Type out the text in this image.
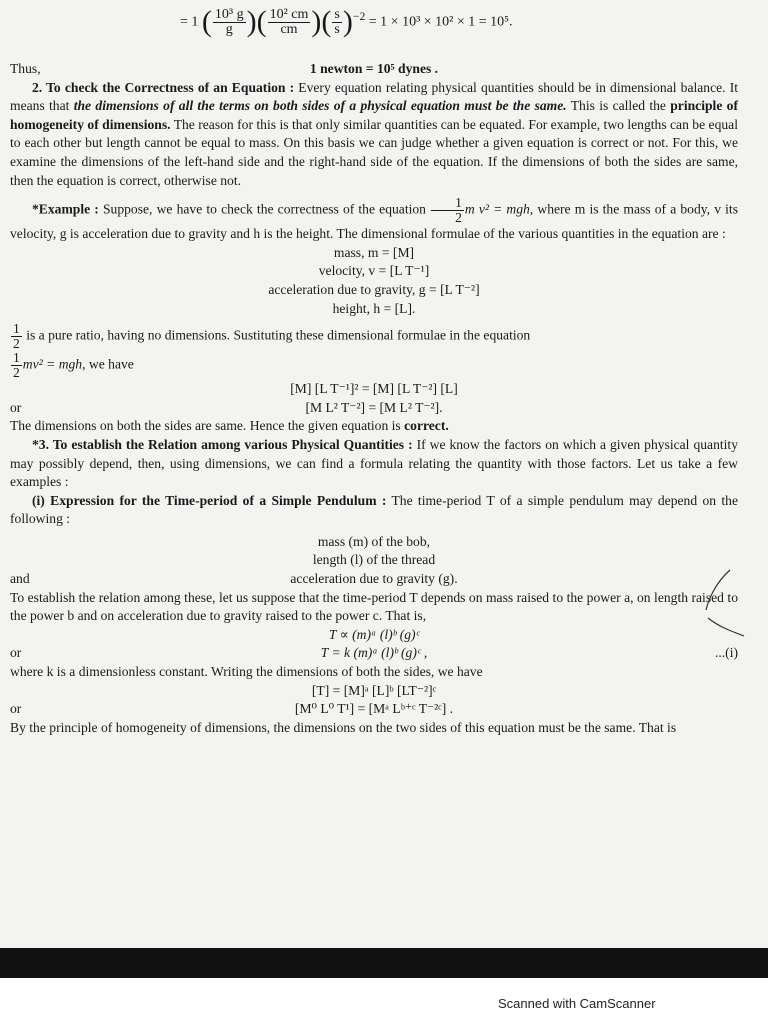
= 1 ( $\frac{\text{10³ g}}{g}$ )( $\frac{\text{10² cm}}{cm}$ )( $\frac{s}{s} )^{-2} = 1 \times 10^3 \times 10^2 \times 1 = 10^5$.
Thus,	1 newton = 10⁵ dynes .

2. To check the Correctness of an Equation : Every equation relating physical quantities should be in dimensional balance. It means that the dimensions of all the terms on both sides of a physical equation must be the same. This is called the principle of homogeneity of dimensions. The reason for this is that only similar quantities can be equated. For example, two lengths can be equal to each other but length cannot be equal to mass. On this basis we can judge whether a given equation is correct or not. For this, we examine the dimensions of the left-hand side and the right-hand side of the equation. If the dimensions of both the sides are same, then the equation is correct, otherwise not.

*Example : Suppose, we have to check the correctness of the equation $\frac{1}{2}$ m v² = mgh, where m is the mass of a body, v its velocity, g is acceleration due to gravity and h is the height. The dimensional formulae of the various quantities in the equation are :

mass, m = [M]
velocity, v = [L T⁻¹]
acceleration due to gravity, g = [L T⁻²]
height, h = [L].

$\frac{1}{2}$ is a pure ratio, having no dimensions. Sustituting these dimensional formulae in the equation

$\frac{1}{2} mv^2$ = mgh, we have

[M] [L T⁻¹]² = [M] [L T⁻²] [L]
or	[M L² T⁻²] = [M L² T⁻²].

The dimensions on both the sides are same. Hence the given equation is correct.

*3. To establish the Relation among various Physical Quantities : If we know the factors on which a given physical quantity may possibly depend, then, using dimensions, we can find a formula relating the quantity with those factors. Let us take a few examples :

(i) Expression for the Time-period of a Simple Pendulum : The time-period T of a simple pendulum may depend on the following :

mass (m) of the bob,
length (l) of the thread
and	acceleration due to gravity (g).

To establish the relation among these, let us suppose that the time-period T depends on mass raised to the power a, on length raised to the power b and on acceleration due to gravity raised to the power c. That is,

T ∝ (m)ᵃ (l)ᵇ (g)ᶜ
or	T = k (m)ᵃ (l)ᵇ (g)ᶜ ,	...(i)

where k is a dimensionless constant. Writing the dimensions of both the sides, we have

[T] = [M]ᵃ [L]ᵇ [LT⁻²]ᶜ
or	[M⁰ L⁰ T¹] = [Mᵃ Lᵇ⁺ᶜ T⁻²ᶜ] .

By the principle of homogeneity of dimensions, the dimensions on the two sides of this equation must be the same. That is

Scanned with CamScanner
